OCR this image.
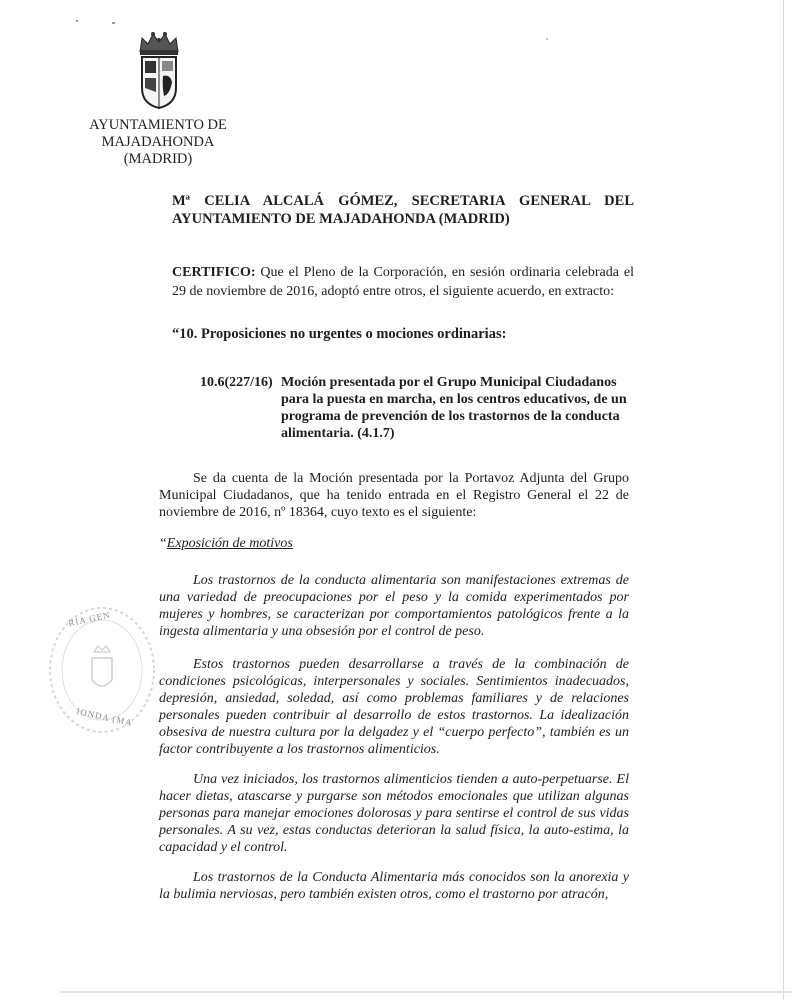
AYUNTAMIENTO DE
MAJADAHONDA
(MADRID)

Mª CELIA ALCALÁ GÓMEZ, SECRETARIA GENERAL DEL
AYUNTAMIENTO DE MAJADAHONDA (MADRID)

CERTIFICO: Que el Pleno de la Corporación, en sesión ordinaria celebrada el 29 de noviembre de 2016, adoptó entre otros, el siguiente acuerdo, en extracto:

“10. Proposiciones no urgentes o mociones ordinarias:

10.6(227/16) Moción presentada por el Grupo Municipal Ciudadanos para la puesta en marcha, en los centros educativos, de un programa de prevención de los trastornos de la conducta alimentaria. (4.1.7)

Se da cuenta de la Moción presentada por la Portavoz Adjunta del Grupo Municipal Ciudadanos, que ha tenido entrada en el Registro General el 22 de noviembre de 2016, nº 18364, cuyo texto es el siguiente:

“Exposición de motivos

Los trastornos de la conducta alimentaria son manifestaciones extremas de una variedad de preocupaciones por el peso y la comida experimentados por mujeres y hombres, se caracterizan por comportamientos patológicos frente a la ingesta alimentaria y una obsesión por el control de peso.

Estos trastornos pueden desarrollarse a través de la combinación de condiciones psicológicas, interpersonales y sociales. Sentimientos inadecuados, depresión, ansiedad, soledad, así como problemas familiares y de relaciones personales pueden contribuir al desarrollo de estos trastornos. La idealización obsesiva de nuestra cultura por la delgadez y el “cuerpo perfecto”, también es un factor contribuyente a los trastornos alimenticios.

Una vez iniciados, los trastornos alimenticios tienden a auto-perpetuarse. El hacer dietas, atascarse y purgarse son métodos emocionales que utilizan algunas personas para manejar emociones dolorosas y para sentirse el control de sus vidas personales. A su vez, estas conductas deterioran la salud física, la auto-estima, la capacidad y el control.

Los trastornos de la Conducta Alimentaria más conocidos son la anorexia y la bulimia nerviosas, pero también existen otros, como el trastorno por atracón,

RIA GEN
IONDA (MA
